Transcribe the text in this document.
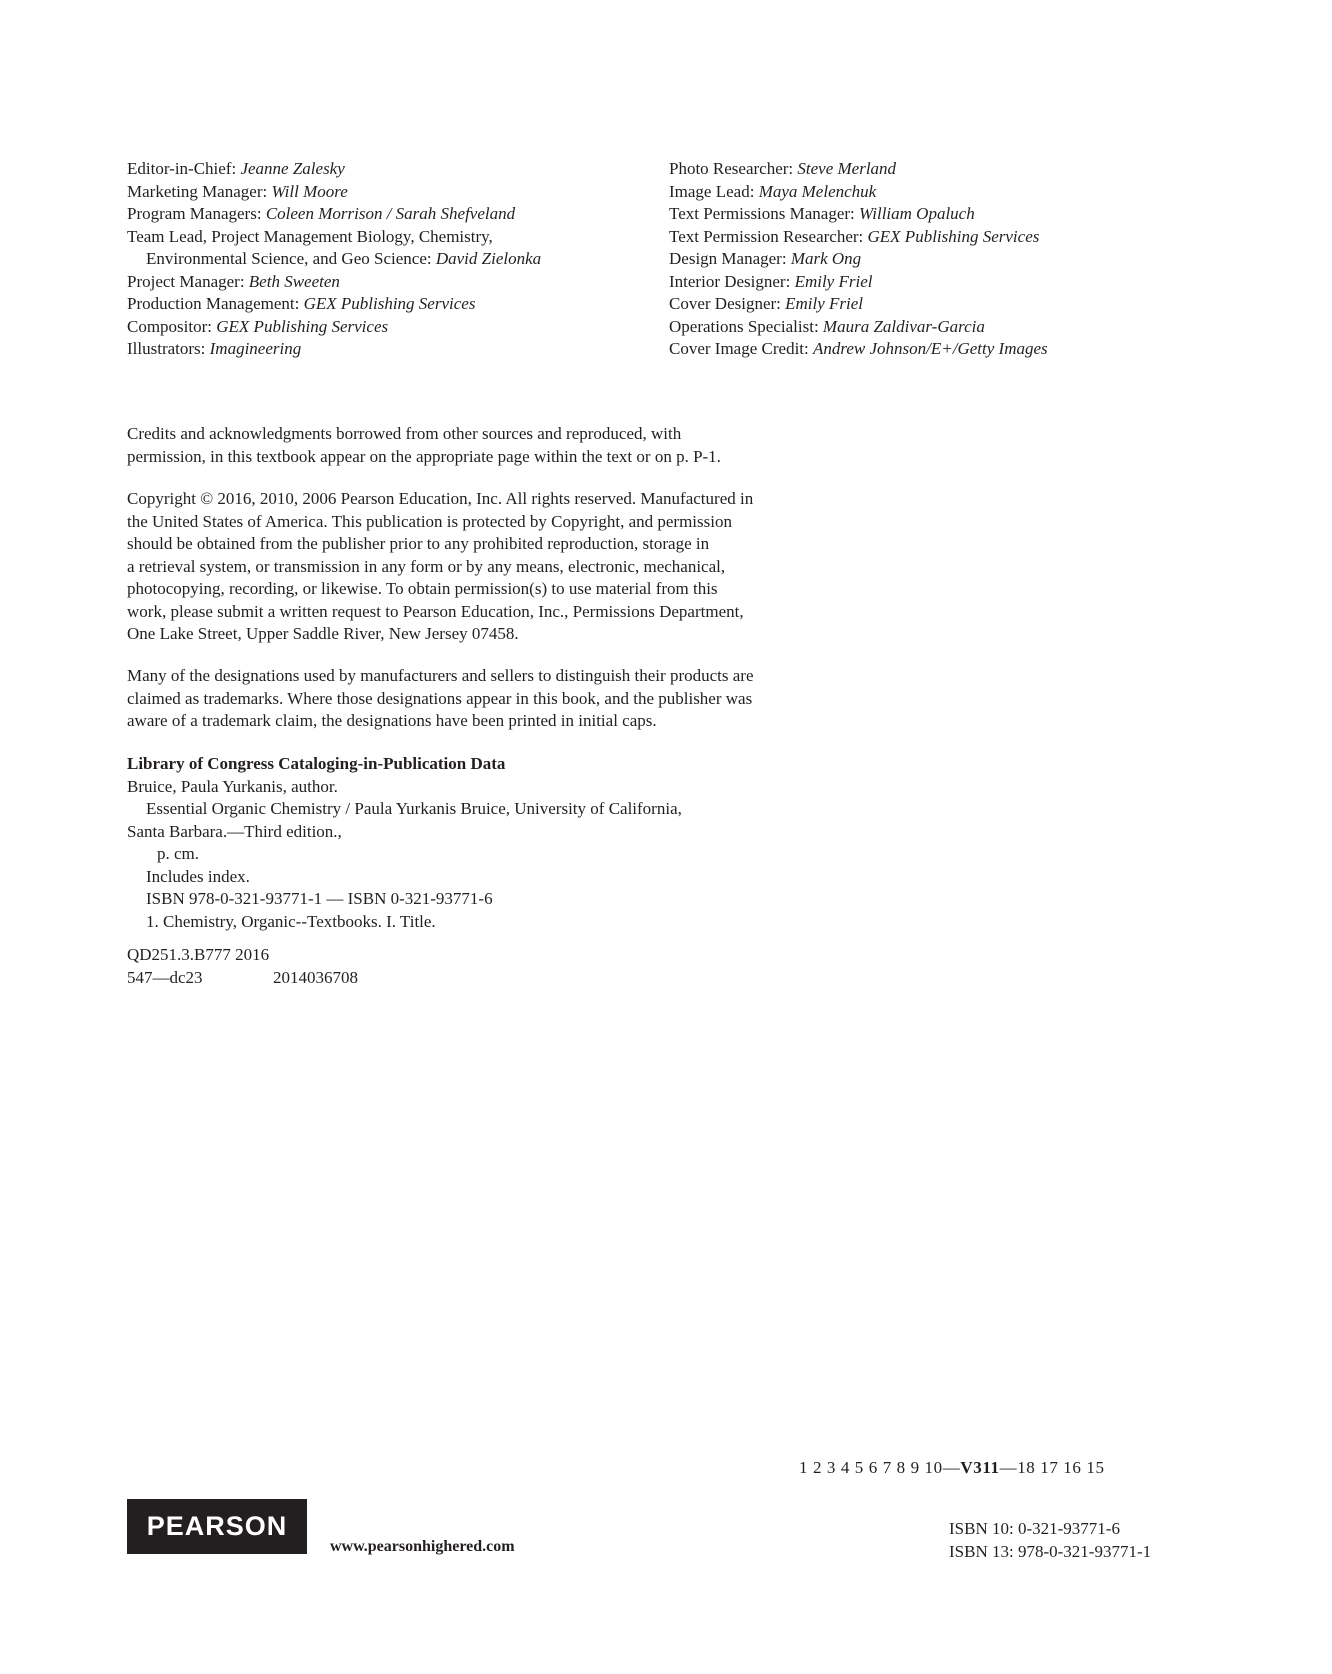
Editor-in-Chief: Jeanne Zalesky
Marketing Manager: Will Moore
Program Managers: Coleen Morrison / Sarah Shefveland
Team Lead, Project Management Biology, Chemistry,
Environmental Science, and Geo Science: David Zielonka
Project Manager: Beth Sweeten
Production Management: GEX Publishing Services
Compositor: GEX Publishing Services
Illustrators: Imagineering
Photo Researcher: Steve Merland
Image Lead: Maya Melenchuk
Text Permissions Manager: William Opaluch
Text Permission Researcher: GEX Publishing Services
Design Manager: Mark Ong
Interior Designer: Emily Friel
Cover Designer: Emily Friel
Operations Specialist: Maura Zaldivar-Garcia
Cover Image Credit: Andrew Johnson/E+/Getty Images
Credits and acknowledgments borrowed from other sources and reproduced, with
permission, in this textbook appear on the appropriate page within the text or on p. P-1.
Copyright © 2016, 2010, 2006 Pearson Education, Inc. All rights reserved. Manufactured in
the United States of America. This publication is protected by Copyright, and permission
should be obtained from the publisher prior to any prohibited reproduction, storage in
a retrieval system, or transmission in any form or by any means, electronic, mechanical,
photocopying, recording, or likewise. To obtain permission(s) to use material from this
work, please submit a written request to Pearson Education, Inc., Permissions Department,
One Lake Street, Upper Saddle River, New Jersey 07458.
Many of the designations used by manufacturers and sellers to distinguish their products are
claimed as trademarks. Where those designations appear in this book, and the publisher was
aware of a trademark claim, the designations have been printed in initial caps.
Library of Congress Cataloging-in-Publication Data
Bruice, Paula Yurkanis, author.
Essential Organic Chemistry / Paula Yurkanis Bruice, University of California,
Santa Barbara.—Third edition.,
p. cm.
Includes index.
ISBN 978-0-321-93771-1 — ISBN 0-321-93771-6
1. Chemistry, Organic--Textbooks. I. Title.
QD251.3.B777 2016
547—dc23	2014036708
1 2 3 4 5 6 7 8 9 10—V311—18 17 16 15
PEARSON
www.pearsonhighered.com
ISBN 10: 0-321-93771-6
ISBN 13: 978-0-321-93771-1
